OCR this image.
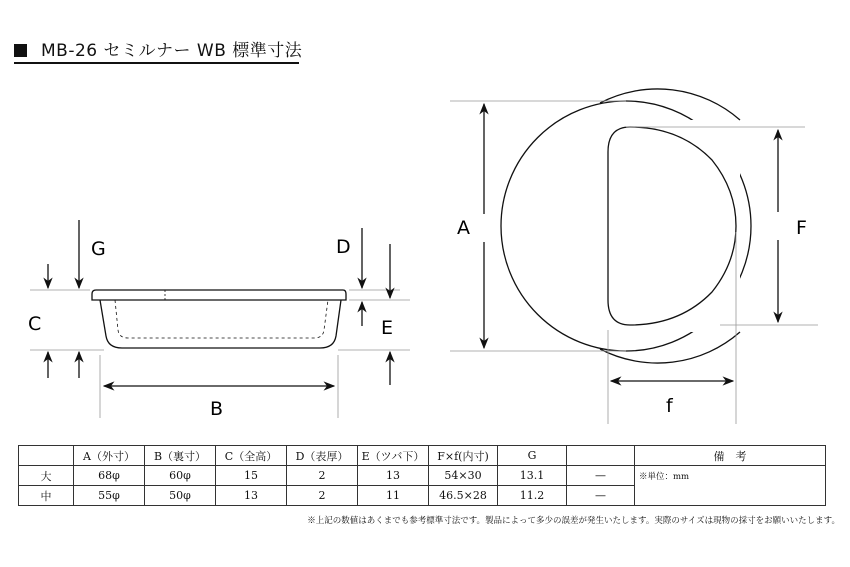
MB-26 セミルナー WB 標準寸法
G
C
D
E
B
A	F
f
	A（外寸）	B（裏寸）	C（全高）	D（表厚）	E（ツバ下）	F×f(内寸)	G		備　考
大	68φ	60φ	15	2	13	54×30	13.1	—	※単位：mm
中	55φ	50φ	13	2	11	46.5×28	11.2	—	
※上記の数値はあくまでも参考標準寸法です。製品によって多少の誤差が発生いたします。実際のサイズは現物の採寸をお願いいたします。
